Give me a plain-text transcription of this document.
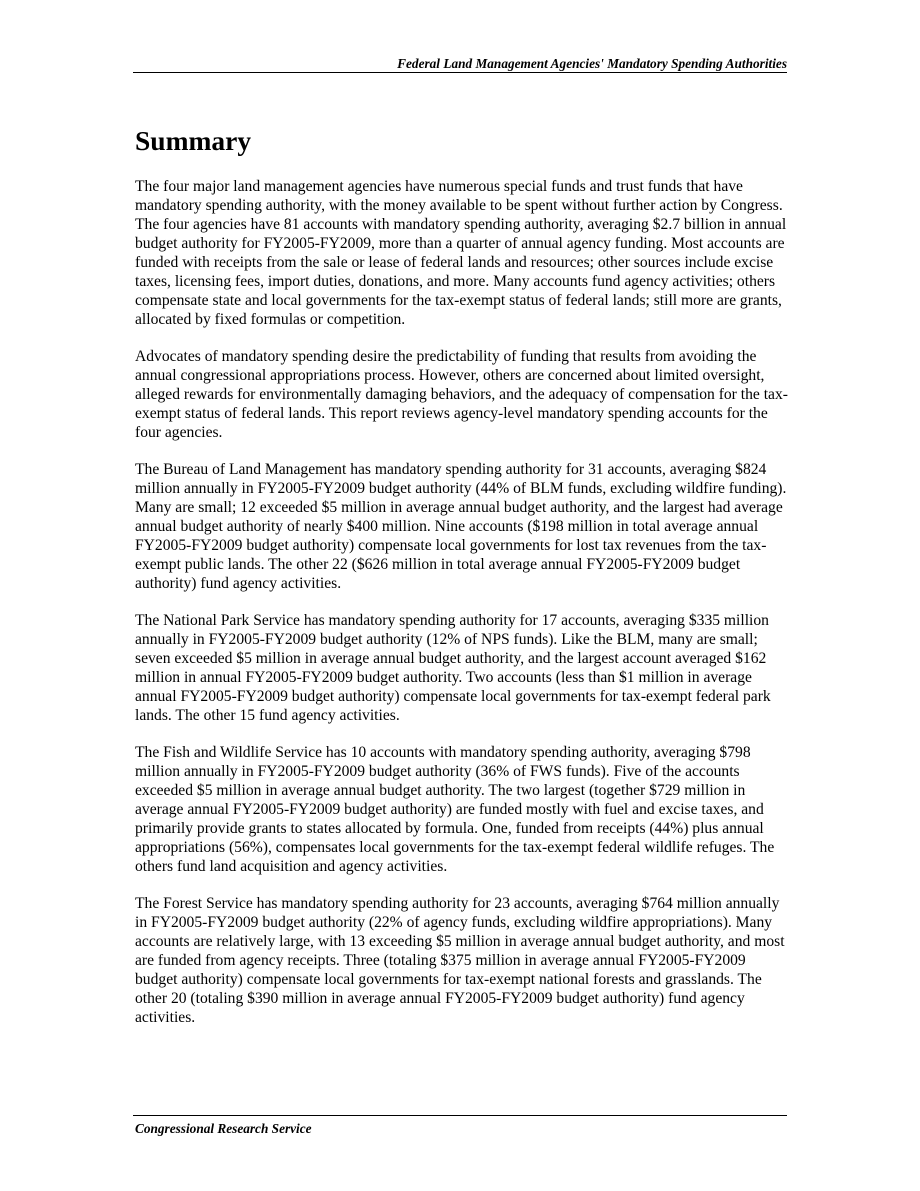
Federal Land Management Agencies' Mandatory Spending Authorities
Summary

The four major land management agencies have numerous special funds and trust funds that have mandatory spending authority, with the money available to be spent without further action by Congress. The four agencies have 81 accounts with mandatory spending authority, averaging $2.7 billion in annual budget authority for FY2005-FY2009, more than a quarter of annual agency funding. Most accounts are funded with receipts from the sale or lease of federal lands and resources; other sources include excise taxes, licensing fees, import duties, donations, and more. Many accounts fund agency activities; others compensate state and local governments for the tax-exempt status of federal lands; still more are grants, allocated by fixed formulas or competition.

Advocates of mandatory spending desire the predictability of funding that results from avoiding the annual congressional appropriations process. However, others are concerned about limited oversight, alleged rewards for environmentally damaging behaviors, and the adequacy of compensation for the tax-exempt status of federal lands. This report reviews agency-level mandatory spending accounts for the four agencies.

The Bureau of Land Management has mandatory spending authority for 31 accounts, averaging $824 million annually in FY2005-FY2009 budget authority (44% of BLM funds, excluding wildfire funding). Many are small; 12 exceeded $5 million in average annual budget authority, and the largest had average annual budget authority of nearly $400 million. Nine accounts ($198 million in total average annual FY2005-FY2009 budget authority) compensate local governments for lost tax revenues from the tax-exempt public lands. The other 22 ($626 million in total average annual FY2005-FY2009 budget authority) fund agency activities.

The National Park Service has mandatory spending authority for 17 accounts, averaging $335 million annually in FY2005-FY2009 budget authority (12% of NPS funds). Like the BLM, many are small; seven exceeded $5 million in average annual budget authority, and the largest account averaged $162 million in annual FY2005-FY2009 budget authority. Two accounts (less than $1 million in average annual FY2005-FY2009 budget authority) compensate local governments for tax-exempt federal park lands. The other 15 fund agency activities.

The Fish and Wildlife Service has 10 accounts with mandatory spending authority, averaging $798 million annually in FY2005-FY2009 budget authority (36% of FWS funds). Five of the accounts exceeded $5 million in average annual budget authority. The two largest (together $729 million in average annual FY2005-FY2009 budget authority) are funded mostly with fuel and excise taxes, and primarily provide grants to states allocated by formula. One, funded from receipts (44%) plus annual appropriations (56%), compensates local governments for the tax-exempt federal wildlife refuges. The others fund land acquisition and agency activities.

The Forest Service has mandatory spending authority for 23 accounts, averaging $764 million annually in FY2005-FY2009 budget authority (22% of agency funds, excluding wildfire appropriations). Many accounts are relatively large, with 13 exceeding $5 million in average annual budget authority, and most are funded from agency receipts. Three (totaling $375 million in average annual FY2005-FY2009 budget authority) compensate local governments for tax-exempt national forests and grasslands. The other 20 (totaling $390 million in average annual FY2005-FY2009 budget authority) fund agency activities.

Congressional Research Service
